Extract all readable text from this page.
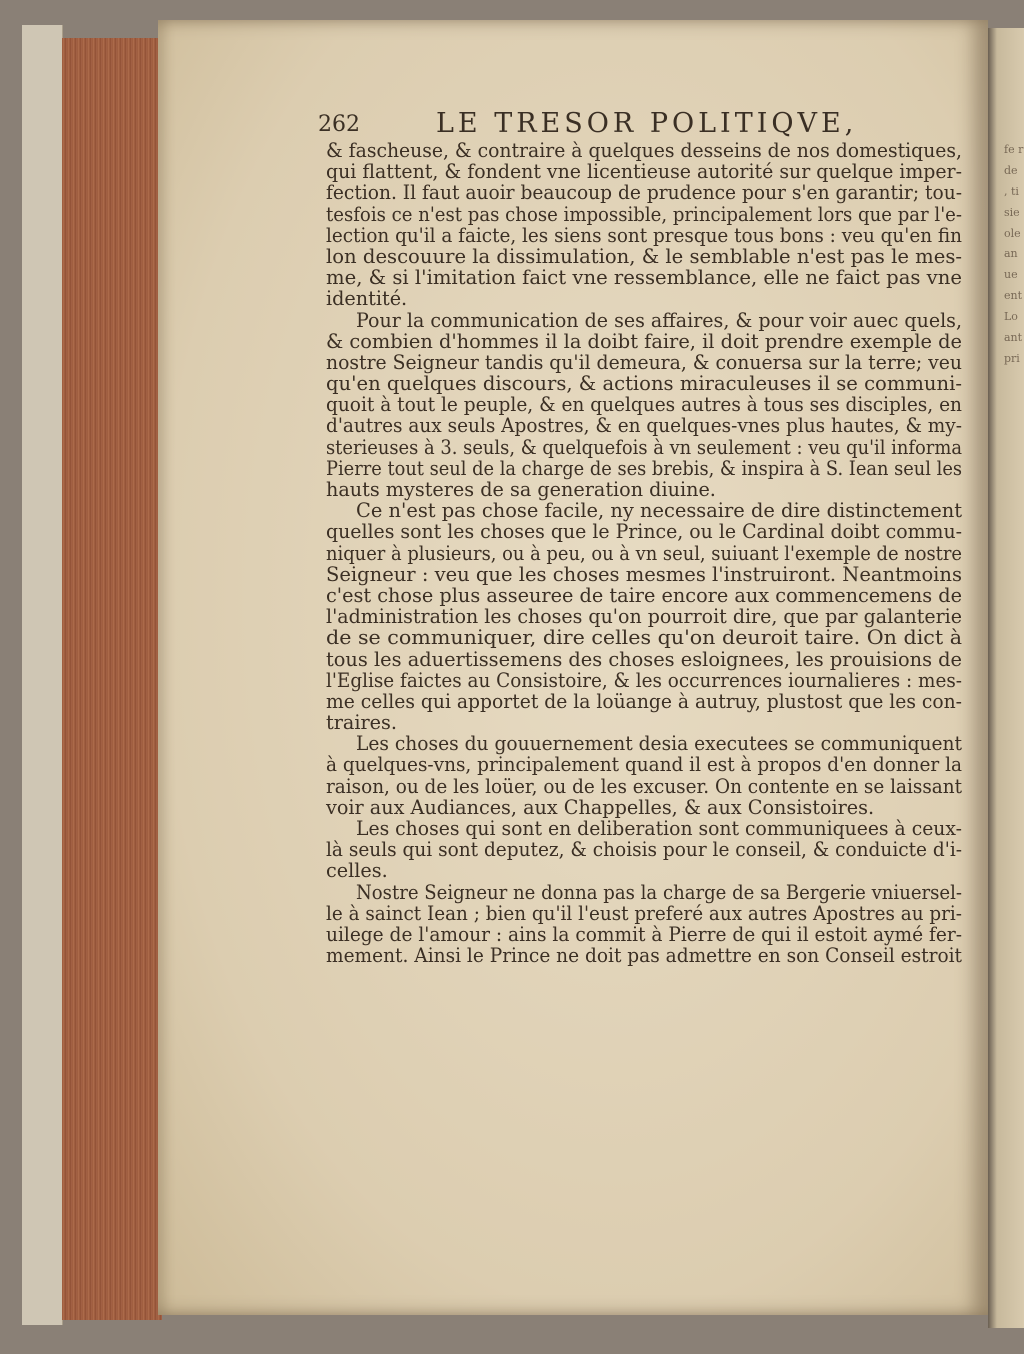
fe r de , ti sie ole an ue ent Lo ant pri
262	LE TRESOR POLITIQVE,
& fascheuse, & contraire à quelques desseins de nos domestiques,
qui flattent, & fondent vne licentieuse autorité sur quelque imper-
fection. Il faut auoir beaucoup de prudence pour s'en garantir; tou-
tesfois ce n'est pas chose impossible, principalement lors que par l'e-
lection qu'il a faicte, les siens sont presque tous bons : veu qu'en fin
lon descouure la dissimulation, & le semblable n'est pas le mes-
me, & si l'imitation faict vne ressemblance, elle ne faict pas vne
identité.
Pour la communication de ses affaires, & pour voir auec quels,
& combien d'hommes il la doibt faire, il doit prendre exemple de
nostre Seigneur tandis qu'il demeura, & conuersa sur la terre; veu
qu'en quelques discours, & actions miraculeuses il se communi-
quoit à tout le peuple, & en quelques autres à tous ses disciples, en
d'autres aux seuls Apostres, & en quelques-vnes plus hautes, & my-
sterieuses à 3. seuls, & quelquefois à vn seulement : veu qu'il informa
Pierre tout seul de la charge de ses brebis, & inspira à S. Iean seul les
hauts mysteres de sa generation diuine.
Ce n'est pas chose facile, ny necessaire de dire distinctement
quelles sont les choses que le Prince, ou le Cardinal doibt commu-
niquer à plusieurs, ou à peu, ou à vn seul, suiuant l'exemple de nostre
Seigneur : veu que les choses mesmes l'instruiront. Neantmoins
c'est chose plus asseuree de taire encore aux commencemens de
l'administration les choses qu'on pourroit dire, que par galanterie
de se communiquer, dire celles qu'on deuroit taire. On dict à
tous les aduertissemens des choses esloignees, les prouisions de
l'Eglise faictes au Consistoire, & les occurrences iournalieres : mes-
me celles qui apportet de la loüange à autruy, plustost que les con-
traires.
Les choses du gouuernement desia executees se communiquent
à quelques-vns, principalement quand il est à propos d'en donner la
raison, ou de les loüer, ou de les excuser. On contente en se laissant
voir aux Audiances, aux Chappelles, & aux Consistoires.
Les choses qui sont en deliberation sont communiquees à ceux-
là seuls qui sont deputez, & choisis pour le conseil, & conduicte d'i-
celles.
Nostre Seigneur ne donna pas la charge de sa Bergerie vniuersel-
le à sainct Iean ; bien qu'il l'eust preferé aux autres Apostres au pri-
uilege de l'amour : ains la commit à Pierre de qui il estoit aymé fer-
mement. Ainsi le Prince ne doit pas admettre en son Conseil estroit
